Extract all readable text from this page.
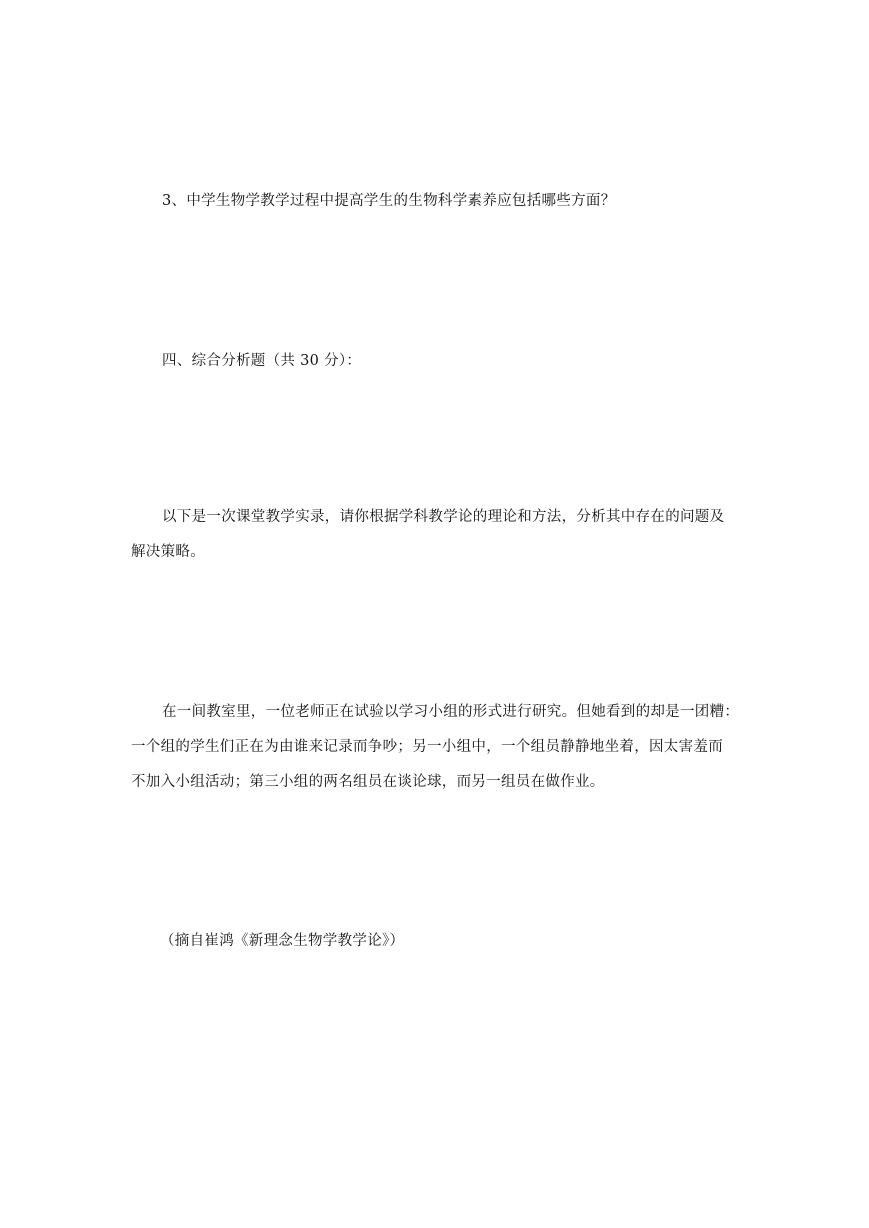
3、中学生物学教学过程中提高学生的生物科学素养应包括哪些方面？
四、综合分析题（共 30 分）：

以下是一次课堂教学实录，请你根据学科教学论的理论和方法，分析其中存在的问题及

解决策略。

在一间教室里，一位老师正在试验以学习小组的形式进行研究。但她看到的却是一团糟：

一个组的学生们正在为由谁来记录而争吵；另一小组中，一个组员静静地坐着，因太害羞而

不加入小组活动；第三小组的两名组员在谈论球，而另一组员在做作业。

（摘自崔鸿《新理念生物学教学论》）
